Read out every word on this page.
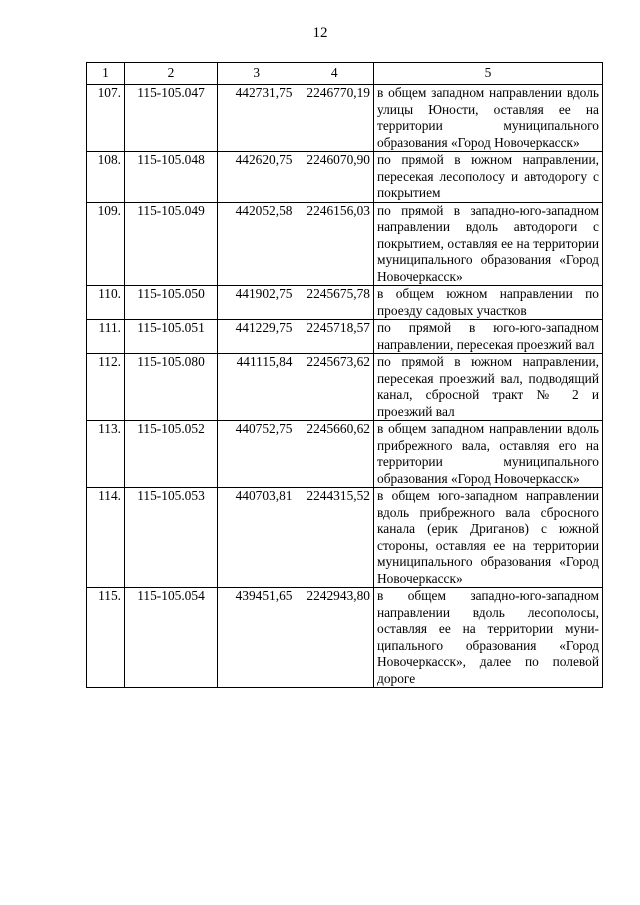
12
1	2	3	4	5
107.	115-105.047	442731,75	2246770,19	в общем западном направлении вдоль улицы Юности, оставляя ее на территории муниципального образования «Город Новочеркасск»
108.	115-105.048	442620,75	2246070,90	по прямой в южном направлении, пересекая лесополосу и автодорогу с покрытием
109.	115-105.049	442052,58	2246156,03	по прямой в западно-юго-западном направлении вдоль автодороги с покрытием, оставляя ее на территории муниципального образования «Город Новочеркасск»
110.	115-105.050	441902,75	2245675,78	в общем южном направлении по проезду садовых участков
111.	115-105.051	441229,75	2245718,57	по прямой в юго-юго-западном направлении, пересекая проезжий вал
112.	115-105.080	441115,84	2245673,62	по прямой в южном направлении, пересекая проезжий вал, подводящий канал, сбросной тракт № 2 и проезжий вал
113.	115-105.052	440752,75	2245660,62	в общем западном направлении вдоль прибрежного вала, оставляя его на территории муниципального образования «Город Новочеркасск»
114.	115-105.053	440703,81	2244315,52	в общем юго-западном направлении вдоль прибрежного вала сбросного канала (ерик Дриганов) с южной стороны, оставляя ее на территории муниципального образования «Город Новочеркасск»
115.	115-105.054	439451,65	2242943,80	в общем западно-юго-западном направлении вдоль лесополосы, оставляя ее на территории муниципального образования «Город Новочеркасск», далее по полевой дороге
